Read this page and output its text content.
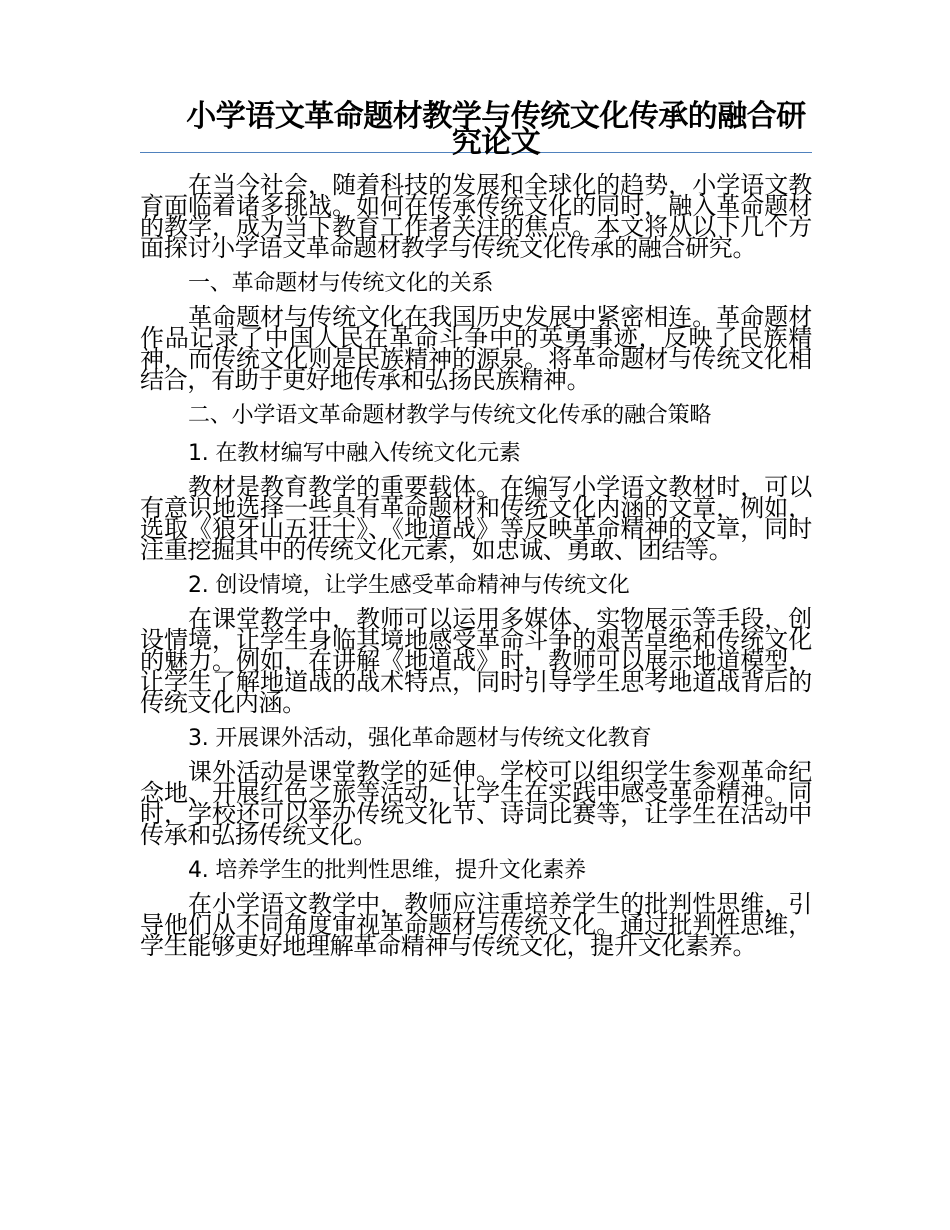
小学语文革命题材教学与传统文化传承的融合研究论文

在当今社会，随着科技的发展和全球化的趋势，小学语文教育面临着诸多挑战。如何在传承传统文化的同时，融入革命题材的教学，成为当下教育工作者关注的焦点。本文将从以下几个方面探讨小学语文革命题材教学与传统文化传承的融合研究。

一、革命题材与传统文化的关系

革命题材与传统文化在我国历史发展中紧密相连。革命题材作品记录了中国人民在革命斗争中的英勇事迹，反映了民族精神，而传统文化则是民族精神的源泉。将革命题材与传统文化相结合，有助于更好地传承和弘扬民族精神。

二、小学语文革命题材教学与传统文化传承的融合策略

1. 在教材编写中融入传统文化元素

教材是教育教学的重要载体。在编写小学语文教材时，可以有意识地选择一些具有革命题材和传统文化内涵的文章，例如，选取《狼牙山五壮士》、《地道战》等反映革命精神的文章，同时注重挖掘其中的传统文化元素，如忠诚、勇敢、团结等。

2. 创设情境，让学生感受革命精神与传统文化

在课堂教学中，教师可以运用多媒体、实物展示等手段，创设情境，让学生身临其境地感受革命斗争的艰苦卓绝和传统文化的魅力。例如，在讲解《地道战》时，教师可以展示地道模型，让学生了解地道战的战术特点，同时引导学生思考地道战背后的传统文化内涵。

3. 开展课外活动，强化革命题材与传统文化教育

课外活动是课堂教学的延伸。学校可以组织学生参观革命纪念地、开展红色之旅等活动，让学生在实践中感受革命精神。同时，学校还可以举办传统文化节、诗词比赛等，让学生在活动中传承和弘扬传统文化。

4. 培养学生的批判性思维，提升文化素养

在小学语文教学中，教师应注重培养学生的批判性思维，引导他们从不同角度审视革命题材与传统文化。通过批判性思维，学生能够更好地理解革命精神与传统文化，提升文化素养。
